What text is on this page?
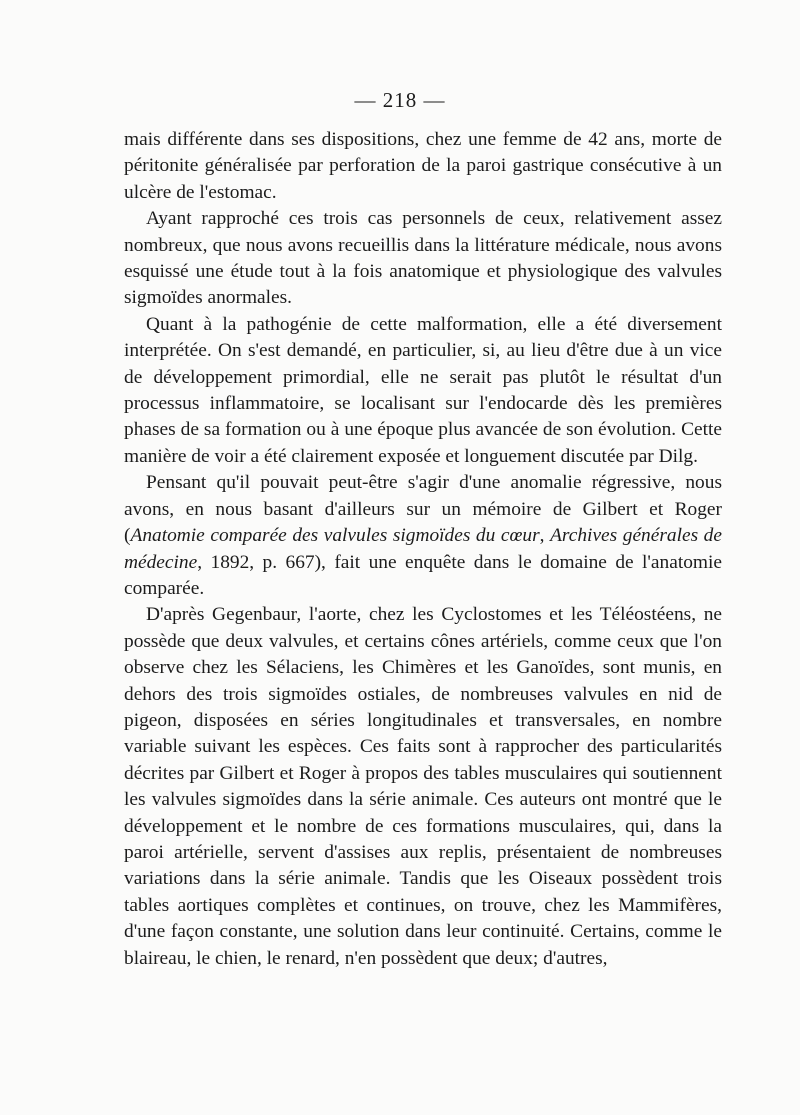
— 218 —

mais différente dans ses dispositions, chez une femme de 42 ans, morte de péritonite généralisée par perforation de la paroi gastrique consécutive à un ulcère de l'estomac.

Ayant rapproché ces trois cas personnels de ceux, relativement assez nombreux, que nous avons recueillis dans la littérature médicale, nous avons esquissé une étude tout à la fois anatomique et physiologique des valvules sigmoïdes anormales.

Quant à la pathogénie de cette malformation, elle a été diversement interprétée. On s'est demandé, en particulier, si, au lieu d'être due à un vice de développement primordial, elle ne serait pas plutôt le résultat d'un processus inflammatoire, se localisant sur l'endocarde dès les premières phases de sa formation ou à une époque plus avancée de son évolution. Cette manière de voir a été clairement exposée et longuement discutée par Dilg.

Pensant qu'il pouvait peut-être s'agir d'une anomalie régressive, nous avons, en nous basant d'ailleurs sur un mémoire de Gilbert et Roger (Anatomie comparée des valvules sigmoïdes du cœur, Archives générales de médecine, 1892, p. 667), fait une enquête dans le domaine de l'anatomie comparée.

D'après Gegenbaur, l'aorte, chez les Cyclostomes et les Téléostéens, ne possède que deux valvules, et certains cônes artériels, comme ceux que l'on observe chez les Sélaciens, les Chimères et les Ganoïdes, sont munis, en dehors des trois sigmoïdes ostiales, de nombreuses valvules en nid de pigeon, disposées en séries longitudinales et transversales, en nombre variable suivant les espèces. Ces faits sont à rapprocher des particularités décrites par Gilbert et Roger à propos des tables musculaires qui soutiennent les valvules sigmoïdes dans la série animale. Ces auteurs ont montré que le développement et le nombre de ces formations musculaires, qui, dans la paroi artérielle, servent d'assises aux replis, présentaient de nombreuses variations dans la série animale. Tandis que les Oiseaux possèdent trois tables aortiques complètes et continues, on trouve, chez les Mammifères, d'une façon constante, une solution dans leur continuité. Certains, comme le blaireau, le chien, le renard, n'en possèdent que deux; d'autres,
